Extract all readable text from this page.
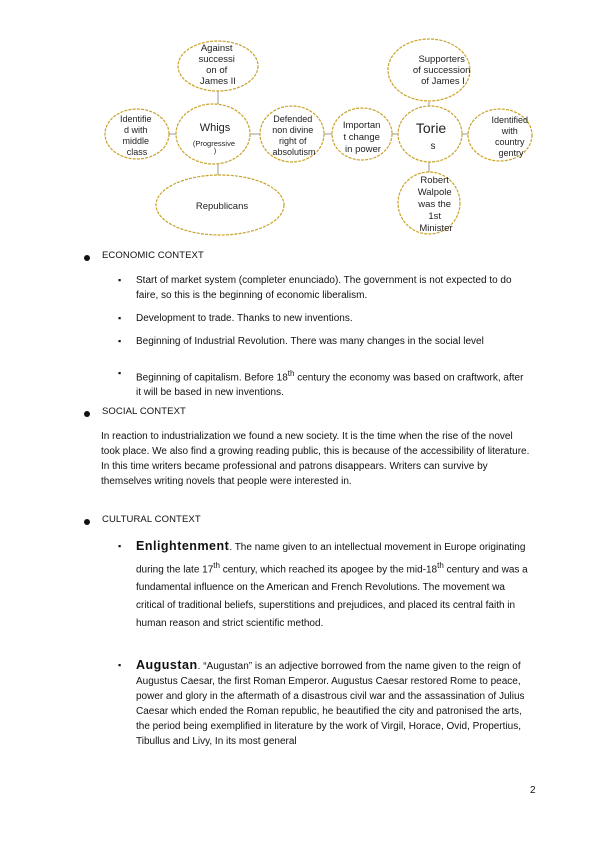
Whigs
(Progressive )
Against successi on of James II
Identifie d with middle class
Defended non divine right of absolutism
Republicans
Importan t change in power
Torie s
Supporters of succession of James I
Identified with country gentry
Robert Walpole was the 1st Minister
ECONOMIC CONTEXT
▪ Start of market system (completer enunciado). The government is not expected to do faire, so this is the beginning of economic liberalism.
▪ Development to trade. Thanks to new inventions.
▪ Beginning of Industrial Revolution. There was many changes in the social level
▪ Beginning of capitalism. Before 18th century the economy was based on craftwork, after it will be based in new inventions.
SOCIAL CONTEXT
In reaction to industrialization we found a new society. It is the time when the rise of the novel took place. We also find a growing reading public, this is because of the accessibility of literature. In this time writers became professional and patrons disappears. Writers can survive by themselves writing novels that people were interested in.
CULTURAL CONTEXT
▪ Enlightenment. The name given to an intellectual movement in Europe originating during the late 17th century, which reached its apogee by the mid-18th century and was a fundamental influence on the American and French Revolutions. The movement wa critical of traditional beliefs, superstitions and prejudices, and placed its central faith in human reason and strict scientific method.
▪ Augustan. “Augustan” is an adjective borrowed from the name given to the reign of Augustus Caesar, the first Roman Emperor. Augustus Caesar restored Rome to peace, power and glory in the aftermath of a disastrous civil war and the assassination of Julius Caesar which ended the Roman republic, he beautified the city and patronised the arts, the period being exemplified in literature by the work of Virgil, Horace, Ovid, Propertius, Tibullus and Livy, In its most general
2
